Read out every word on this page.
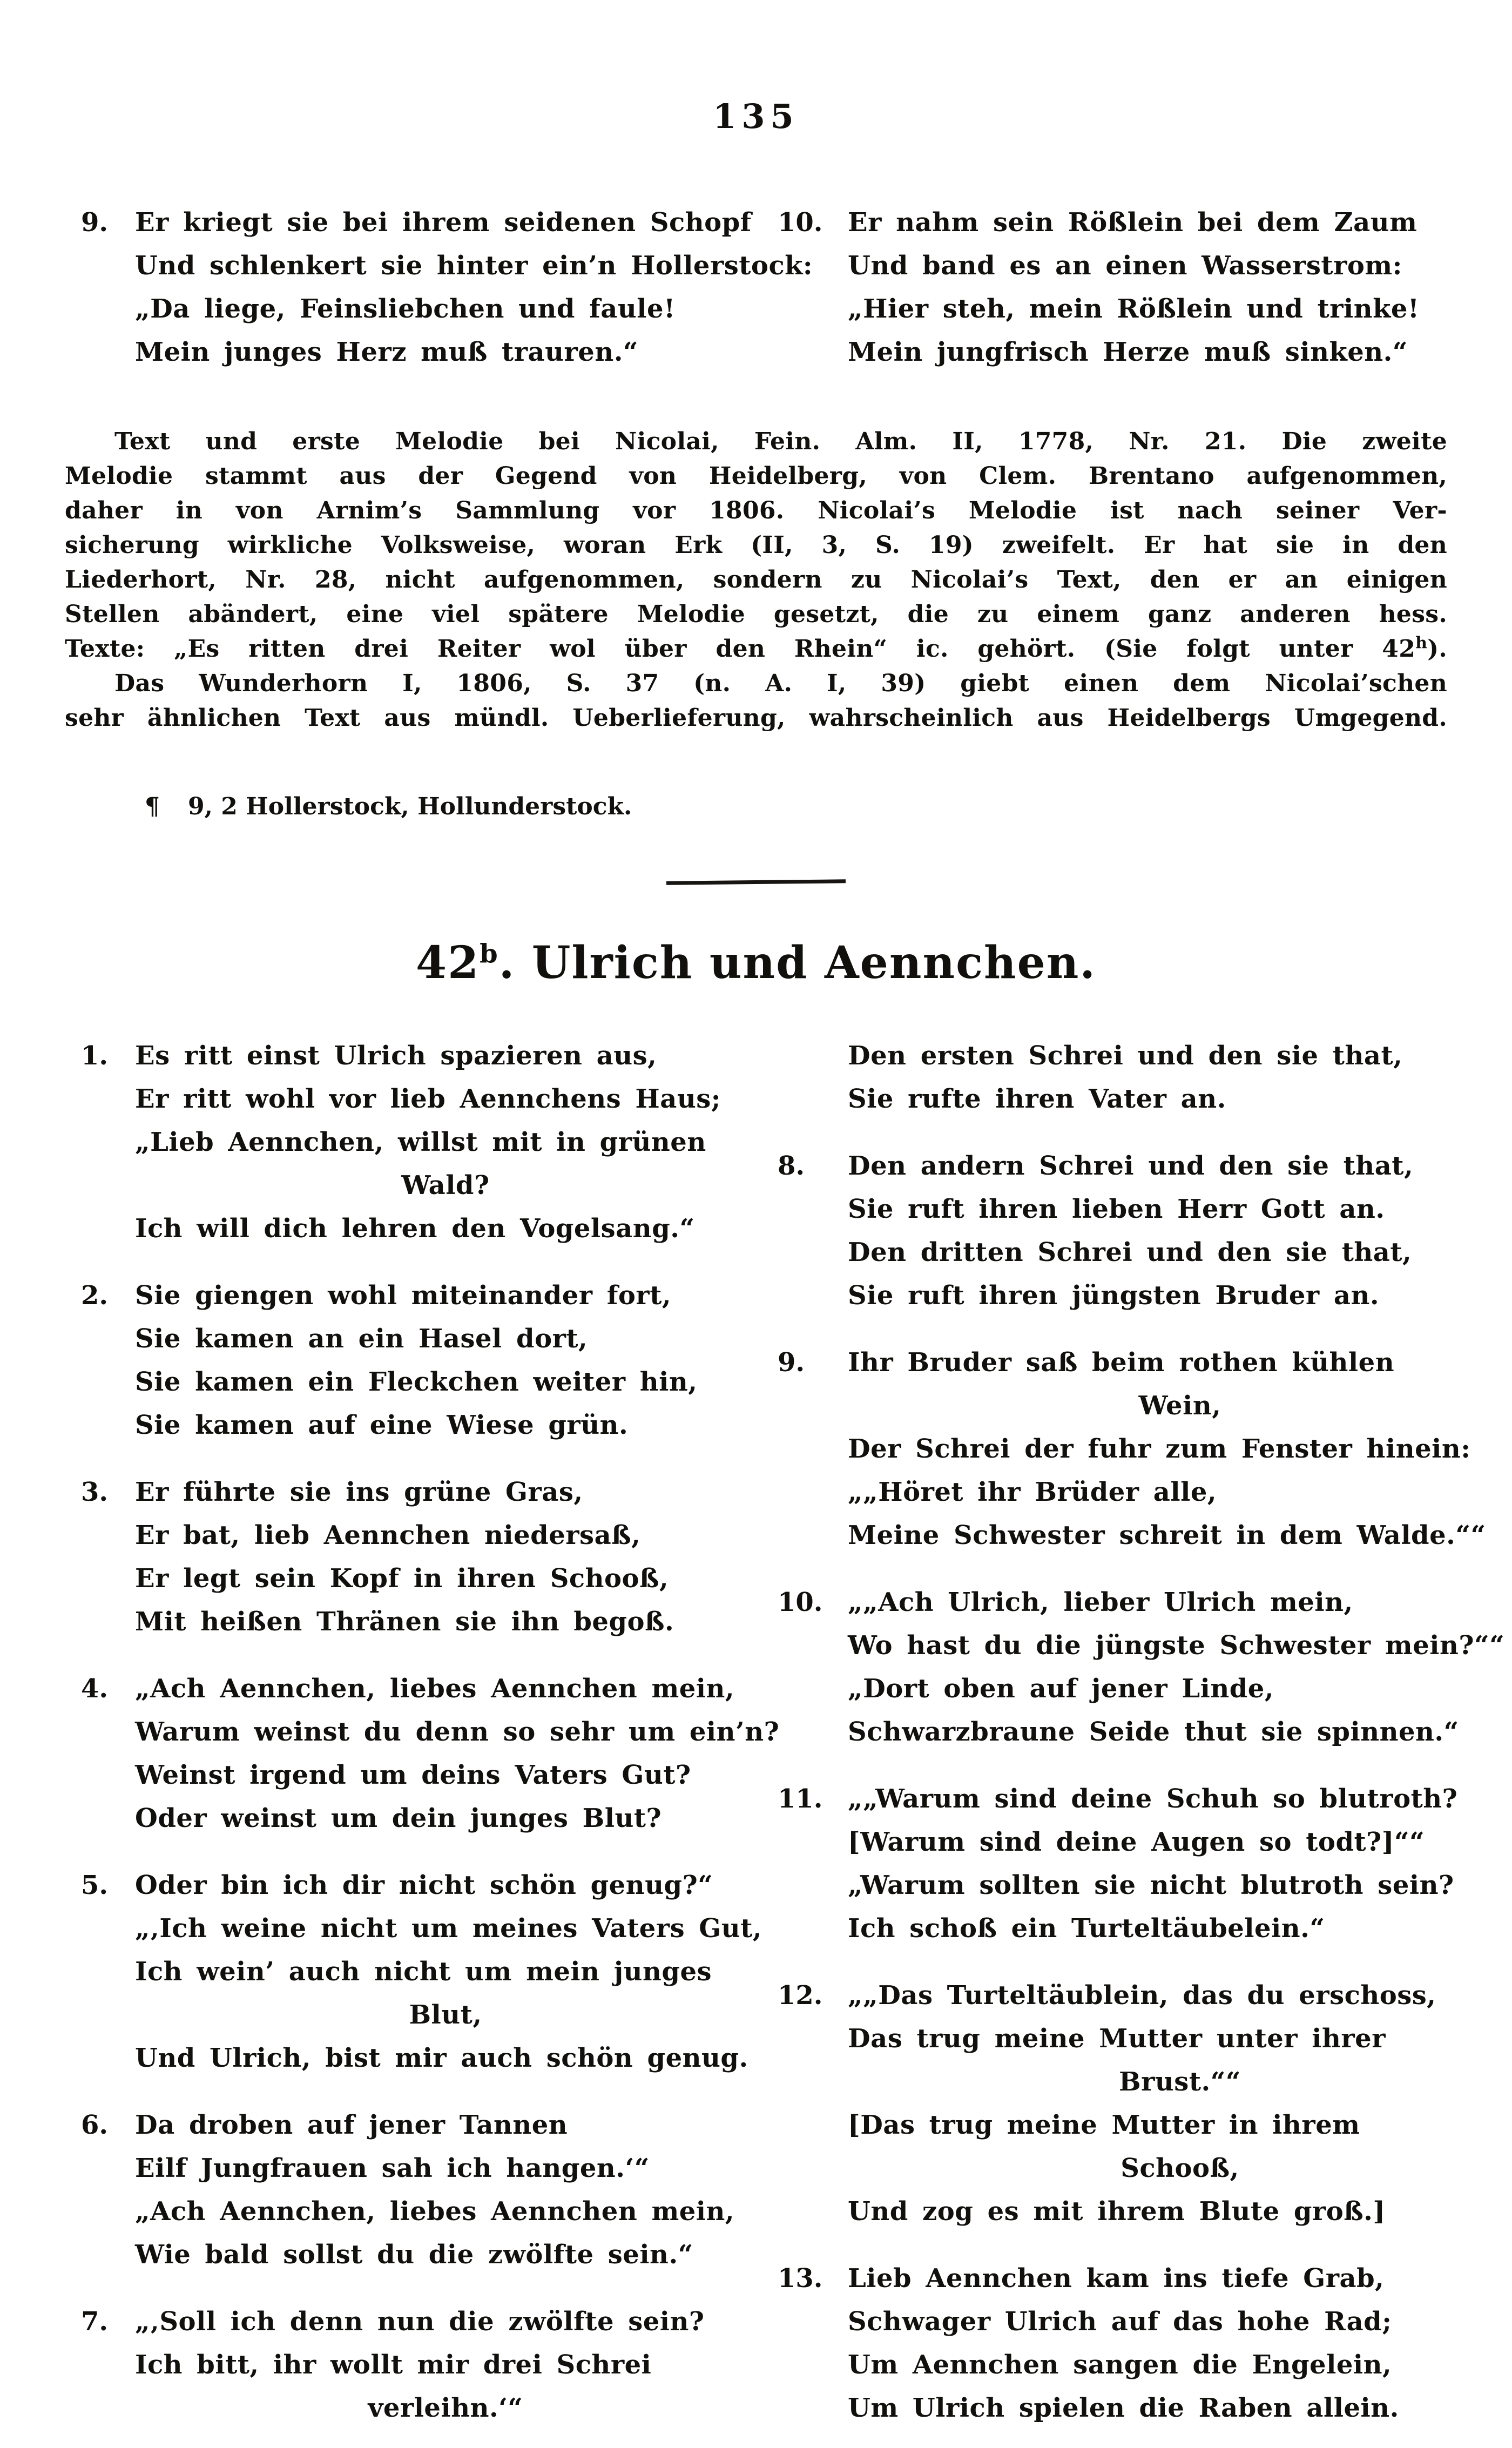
135
9. Er kriegt sie bei ihrem seidenen Schopf
Und schlenkert sie hinter ein’n Hollerstock:
„Da liege, Feinsliebchen und faule!
Mein junges Herz muß trauren.“
10. Er nahm sein Rößlein bei dem Zaum
Und band es an einen Wasserstrom:
„Hier steh, mein Rößlein und trinke!
Mein jungfrisch Herze muß sinken.“
Text und erste Melodie bei Nicolai, Fein. Alm. II, 1778, Nr. 21. Die zweite
Melodie stammt aus der Gegend von Heidelberg, von Clem. Brentano aufgenommen,
daher in von Arnim’s Sammlung vor 1806. Nicolai’s Melodie ist nach seiner Ver-
sicherung wirkliche Volksweise, woran Erk (II, 3, S. 19) zweifelt. Er hat sie in den
Liederhort, Nr. 28, nicht aufgenommen, sondern zu Nicolai’s Text, den er an einigen
Stellen abändert, eine viel spätere Melodie gesetzt, die zu einem ganz anderen hess.
Texte: „Es ritten drei Reiter wol über den Rhein“ ic. gehört. (Sie folgt unter 42$^h$).
Das Wunderhorn I, 1806, S. 37 (n. A. I, 39) giebt einen dem Nicolai’schen
sehr ähnlichen Text aus mündl. Ueberlieferung, wahrscheinlich aus Heidelbergs Umgegend.
¶ 9, 2 Hollerstock, Hollunderstock.
42$^b$. Ulrich und Aennchen.
1. Es ritt einst Ulrich spazieren aus,
Er ritt wohl vor lieb Aennchens Haus;
„Lieb Aennchen, willst mit in grünen
Wald?
Ich will dich lehren den Vogelsang.“
2. Sie giengen wohl miteinander fort,
Sie kamen an ein Hasel dort,
Sie kamen ein Fleckchen weiter hin,
Sie kamen auf eine Wiese grün.
3. Er führte sie ins grüne Gras,
Er bat, lieb Aennchen niedersaß,
Er legt sein Kopf in ihren Schooß,
Mit heißen Thränen sie ihn begoß.
4. „Ach Aennchen, liebes Aennchen mein,
Warum weinst du denn so sehr um ein’n?
Weinst irgend um deins Vaters Gut?
Oder weinst um dein junges Blut?
5. Oder bin ich dir nicht schön genug?“
„‚Ich weine nicht um meines Vaters Gut,
Ich wein’ auch nicht um mein junges
Blut,
Und Ulrich, bist mir auch schön genug.
6. Da droben auf jener Tannen
Eilf Jungfrauen sah ich hangen.‘“
„Ach Aennchen, liebes Aennchen mein,
Wie bald sollst du die zwölfte sein.“
7. „‚Soll ich denn nun die zwölfte sein?
Ich bitt, ihr wollt mir drei Schrei
verleihn.‘“
Den ersten Schrei und den sie that,
Sie rufte ihren Vater an.
8. Den andern Schrei und den sie that,
Sie ruft ihren lieben Herr Gott an.
Den dritten Schrei und den sie that,
Sie ruft ihren jüngsten Bruder an.
9. Ihr Bruder saß beim rothen kühlen
Wein,
Der Schrei der fuhr zum Fenster hinein:
„„Höret ihr Brüder alle,
Meine Schwester schreit in dem Walde.““
10. „„Ach Ulrich, lieber Ulrich mein,
Wo hast du die jüngste Schwester mein?““
„Dort oben auf jener Linde,
Schwarzbraune Seide thut sie spinnen.“
11. „„Warum sind deine Schuh so blutroth?
[Warum sind deine Augen so todt?]““
„Warum sollten sie nicht blutroth sein?
Ich schoß ein Turteltäubelein.“
12. „„Das Turteltäublein, das du erschoss,
Das trug meine Mutter unter ihrer
Brust.““
[Das trug meine Mutter in ihrem
Schooß,
Und zog es mit ihrem Blute groß.]
13. Lieb Aennchen kam ins tiefe Grab,
Schwager Ulrich auf das hohe Rad;
Um Aennchen sangen die Engelein,
Um Ulrich spielen die Raben allein.
